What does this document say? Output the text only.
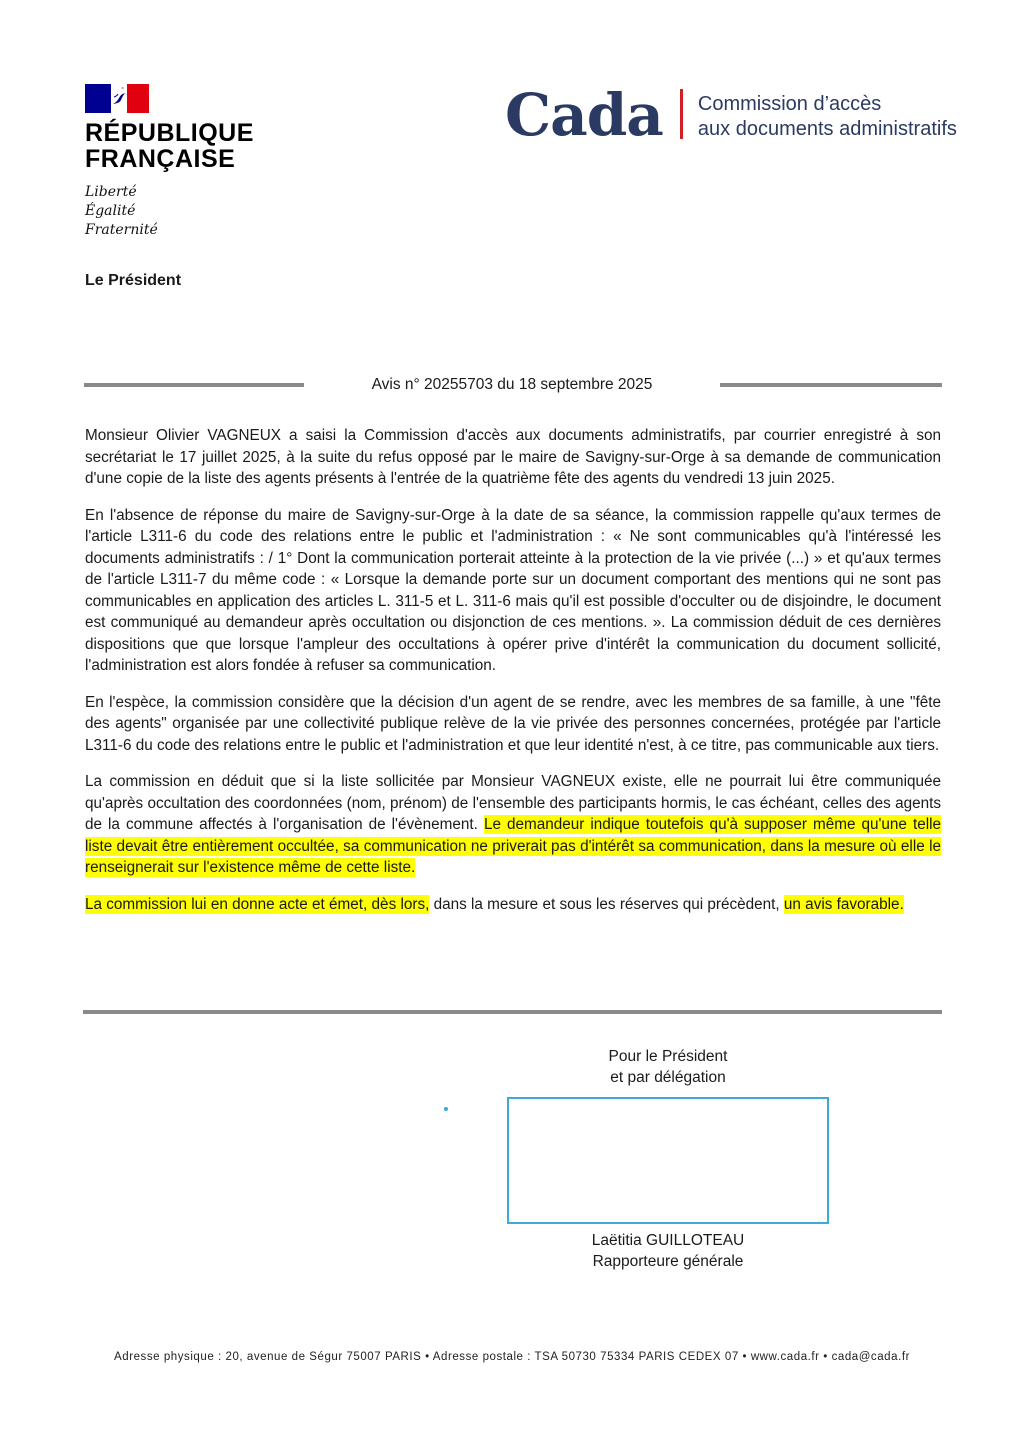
RÉPUBLIQUE
FRANÇAISE
Liberté
Égalité
Fraternité
Cada Commission d’accès
aux documents administratifs
Le Président
Avis n° 20255703 du 18 septembre 2025

Monsieur Olivier VAGNEUX a saisi la Commission d'accès aux documents administratifs, par courrier enregistré à son secrétariat le 17 juillet 2025, à la suite du refus opposé par le maire de Savigny-sur-Orge à sa demande de communication d'une copie de la liste des agents présents à l'entrée de la quatrième fête des agents du vendredi 13 juin 2025.

En l'absence de réponse du maire de Savigny-sur-Orge à la date de sa séance, la commission rappelle qu'aux termes de l'article L311-6 du code des relations entre le public et l'administration : « Ne sont communicables qu'à l'intéressé les documents administratifs : / 1° Dont la communication porterait atteinte à la protection de la vie privée (...) » et qu'aux termes de l'article L311-7 du même code : « Lorsque la demande porte sur un document comportant des mentions qui ne sont pas communicables en application des articles L. 311-5 et L. 311-6 mais qu'il est possible d'occulter ou de disjoindre, le document est communiqué au demandeur après occultation ou disjonction de ces mentions. ». La commission déduit de ces dernières dispositions que que lorsque l'ampleur des occultations à opérer prive d'intérêt la communication du document sollicité, l'administration est alors fondée à refuser sa communication.

En l'espèce, la commission considère que la décision d'un agent de se rendre, avec les membres de sa famille, à une "fête des agents" organisée par une collectivité publique relève de la vie privée des personnes concernées, protégée par l'article L311-6 du code des relations entre le public et l'administration et que leur identité n'est, à ce titre, pas communicable aux tiers.

La commission en déduit que si la liste sollicitée par Monsieur VAGNEUX existe, elle ne pourrait lui être communiquée qu'après occultation des coordonnées (nom, prénom) de l'ensemble des participants hormis, le cas échéant, celles des agents de la commune affectés à l'organisation de l'évènement. Le demandeur indique toutefois qu'à supposer même qu'une telle liste devait être entièrement occultée, sa communication ne priverait pas d'intérêt sa communication, dans la mesure où elle le renseignerait sur l'existence même de cette liste.

La commission lui en donne acte et émet, dès lors, dans la mesure et sous les réserves qui précèdent, un avis favorable.

Pour le Président
et par délégation
Laëtitia GUILLOTEAU
Rapporteure générale
Adresse physique : 20, avenue de Ségur 75007 PARIS • Adresse postale : TSA 50730 75334 PARIS CEDEX 07 • www.cada.fr • cada@cada.fr
